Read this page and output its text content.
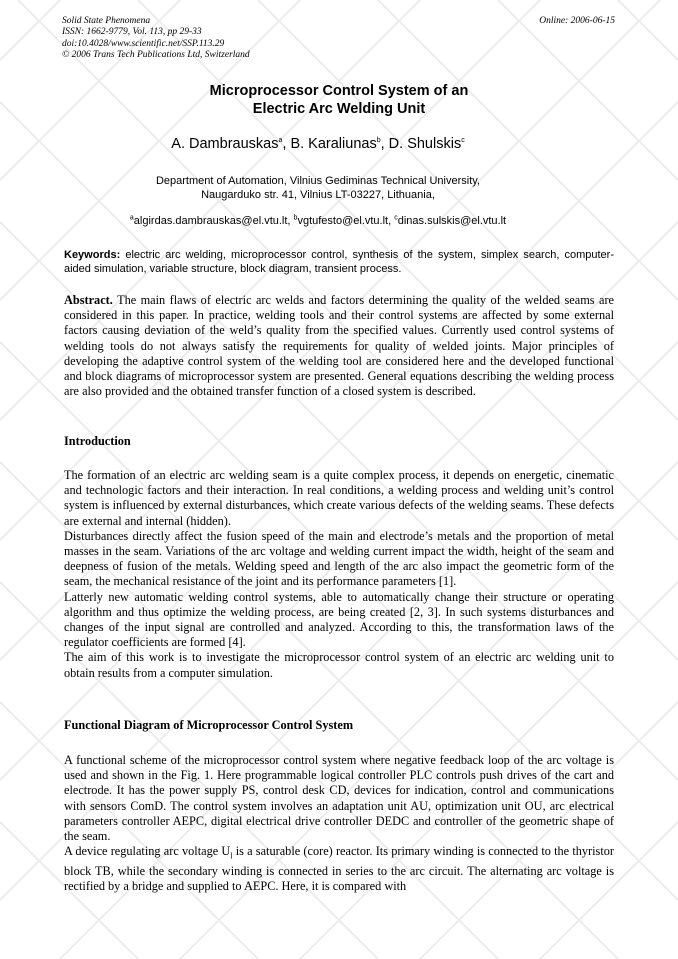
Solid State Phenomena
ISSN: 1662-9779, Vol. 113, pp 29-33
doi:10.4028/www.scientific.net/SSP.113.29
© 2006 Trans Tech Publications Ltd, Switzerland
Online: 2006-06-15
Microprocessor Control System of an
Electric Arc Welding Unit
A. Dambrauskas$^a$, B. Karaliunas$^b$, D. Shulskis$^c$
Department of Automation, Vilnius Gediminas Technical University,
Naugarduko str. 41, Vilnius LT-03227, Lithuania,
$^a$algirdas.dambrauskas@el.vtu.lt, $^b$vgtufesto@el.vtu.lt, $^c$dinas.sulskis@el.vtu.lt
Keywords: electric arc welding, microprocessor control, synthesis of the system, simplex search, computer-aided simulation, variable structure, block diagram, transient process.
Abstract. The main flaws of electric arc welds and factors determining the quality of the welded seams are considered in this paper. In practice, welding tools and their control systems are affected by some external factors causing deviation of the weld’s quality from the specified values. Currently used control systems of welding tools do not always satisfy the requirements for quality of welded joints. Major principles of developing the adaptive control system of the welding tool are considered here and the developed functional and block diagrams of microprocessor system are presented. General equations describing the welding process are also provided and the obtained transfer function of a closed system is described.
Introduction

The formation of an electric arc welding seam is a quite complex process, it depends on energetic, cinematic and technologic factors and their interaction. In real conditions, a welding process and welding unit’s control system is influenced by external disturbances, which create various defects of the welding seams. These defects are external and internal (hidden).

Disturbances directly affect the fusion speed of the main and electrode’s metals and the proportion of metal masses in the seam. Variations of the arc voltage and welding current impact the width, height of the seam and deepness of fusion of the metals. Welding speed and length of the arc also impact the geometric form of the seam, the mechanical resistance of the joint and its performance parameters [1].

Latterly new automatic welding control systems, able to automatically change their structure or operating algorithm and thus optimize the welding process, are being created [2, 3]. In such systems disturbances and changes of the input signal are controlled and analyzed. According to this, the transformation laws of the regulator coefficients are formed [4].

The aim of this work is to investigate the microprocessor control system of an electric arc welding unit to obtain results from a computer simulation.

Functional Diagram of Microprocessor Control System

A functional scheme of the microprocessor control system where negative feedback loop of the arc voltage is used and shown in the Fig. 1. Here programmable logical controller PLC controls push drives of the cart and electrode. It has the power supply PS, control desk CD, devices for indication, control and communications with sensors ComD. The control system involves an adaptation unit AU, optimization unit OU, arc electrical parameters controller AEPC, digital electrical drive controller DEDC and controller of the geometric shape of the seam.

A device regulating arc voltage $U_l$ is a saturable (core) reactor. Its primary winding is connected to the thyristor block TB, while the secondary winding is connected in series to the arc circuit. The alternating arc voltage is rectified by a bridge and supplied to AEPC. Here, it is compared with
